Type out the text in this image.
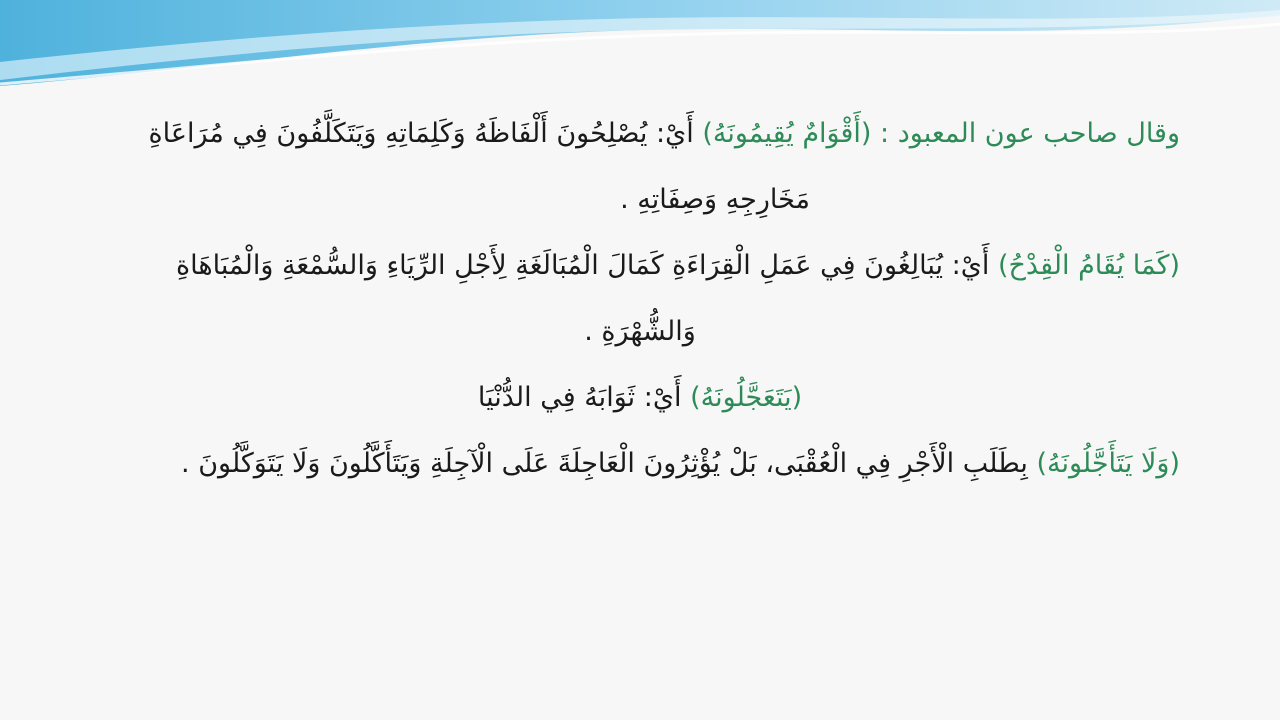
وقال صاحب عون المعبود : (أَقْوَامٌ يُقِيمُونَهُ) أَيْ: يُصْلِحُونَ أَلْفَاظَهُ وَكَلِمَاتِهِ وَيَتَكَلَّفُونَ فِي مُرَاعَاةِ
مَخَارِجِهِ وَصِفَاتِهِ .
(كَمَا يُقَامُ الْقِدْحُ) أَيْ: يُبَالِغُونَ فِي عَمَلِ الْقِرَاءَةِ كَمَالَ الْمُبَالَغَةِ لِأَجْلِ الرِّيَاءِ وَالسُّمْعَةِ وَالْمُبَاهَاةِ
وَالشُّهْرَةِ .
(يَتَعَجَّلُونَهُ) أَيْ: ثَوَابَهُ فِي الدُّنْيَا
(وَلَا يَتَأَجَّلُونَهُ) بِطَلَبِ الْأَجْرِ فِي الْعُقْبَى، بَلْ يُؤْثِرُونَ الْعَاجِلَةَ عَلَى الْآجِلَةِ وَيَتَأَكَّلُونَ وَلَا يَتَوَكَّلُونَ .
